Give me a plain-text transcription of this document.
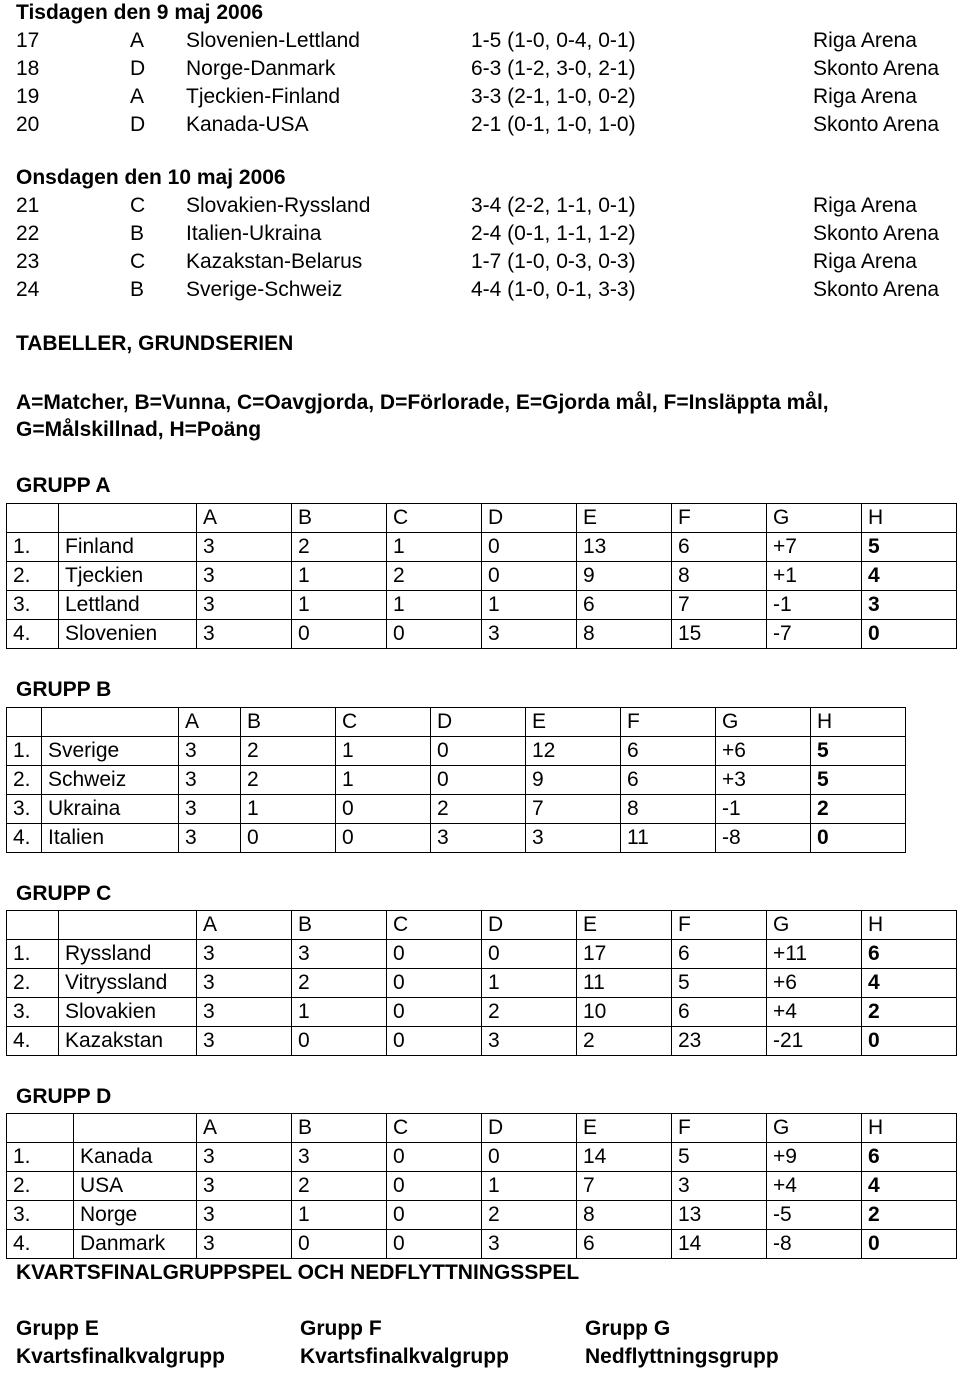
Tisdagen den 9 maj 2006
17	A Slovenien-Lettland	1-5 (1-0, 0-4, 0-1)	Riga Arena
18	D Norge-Danmark	6-3 (1-2, 3-0, 2-1)	Skonto Arena
19	A Tjeckien-Finland	3-3 (2-1, 1-0, 0-2)	Riga Arena
20	D Kanada-USA	2-1 (0-1, 1-0, 1-0)	Skonto Arena
Onsdagen den 10 maj 2006
21	C Slovakien-Ryssland	3-4 (2-2, 1-1, 0-1)	Riga Arena
22	B Italien-Ukraina	2-4 (0-1, 1-1, 1-2)	Skonto Arena
23	C Kazakstan-Belarus	1-7 (1-0, 0-3, 0-3)	Riga Arena
24	B Sverige-Schweiz	4-4 (1-0, 0-1, 3-3)	Skonto Arena
TABELLER, GRUNDSERIEN
A=Matcher, B=Vunna, C=Oavgjorda, D=Förlorade, E=Gjorda mål, F=Insläppta mål,
G=Målskillnad, H=Poäng
GRUPP A
		A	B	C	D	E	F	G	H
1.	Finland	3	2	1	0	13	6	+7	5
2.	Tjeckien	3	1	2	0	9	8	+1	4
3.	Lettland	3	1	1	1	6	7	-1	3
4.	Slovenien	3	0	0	3	8	15	-7	0
GRUPP B
		A	B	C	D	E	F	G	H
1.	Sverige	3	2	1	0	12	6	+6	5
2.	Schweiz	3	2	1	0	9	6	+3	5
3.	Ukraina	3	1	0	2	7	8	-1	2
4.	Italien	3	0	0	3	3	11	-8	0
GRUPP C
		A	B	C	D	E	F	G	H
1.	Ryssland	3	3	0	0	17	6	+11	6
2.	Vitryssland	3	2	0	1	11	5	+6	4
3.	Slovakien	3	1	0	2	10	6	+4	2
4.	Kazakstan	3	0	0	3	2	23	-21	0
GRUPP D
		A	B	C	D	E	F	G	H
1.	Kanada	3	3	0	0	14	5	+9	6
2.	USA	3	2	0	1	7	3	+4	4
3.	Norge	3	1	0	2	8	13	-5	2
4.	Danmark	3	0	0	3	6	14	-8	0
KVARTSFINALGRUPPSPEL OCH NEDFLYTTNINGSSPEL
Grupp E
Kvartsfinalkvalgrupp
Grupp F
Kvartsfinalkvalgrupp
Grupp G
Nedflyttningsgrupp
